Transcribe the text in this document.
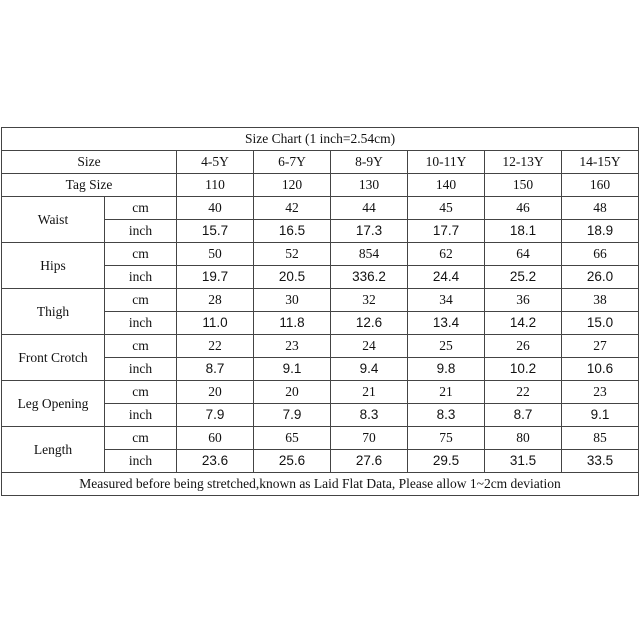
Size Chart (1 inch=2.54cm)							
Size		4-5Y	6-7Y	8-9Y	10-11Y	12-13Y	14-15Y
Tag Size		110	120	130	140	150	160
Waist	cm	40	42	44	45	46	48
	inch	15.7	16.5	17.3	17.7	18.1	18.9
Hips	cm	50	52	854	62	64	66
	inch	19.7	20.5	336.2	24.4	25.2	26.0
Thigh	cm	28	30	32	34	36	38
	inch	11.0	11.8	12.6	13.4	14.2	15.0
Front Crotch	cm	22	23	24	25	26	27
	inch	8.7	9.1	9.4	9.8	10.2	10.6
Leg Opening	cm	20	20	21	21	22	23
	inch	7.9	7.9	8.3	8.3	8.7	9.1
Length	cm	60	65	70	75	80	85
	inch	23.6	25.6	27.6	29.5	31.5	33.5
Measured before being stretched,known as Laid Flat Data, Please allow 1~2cm deviation							
